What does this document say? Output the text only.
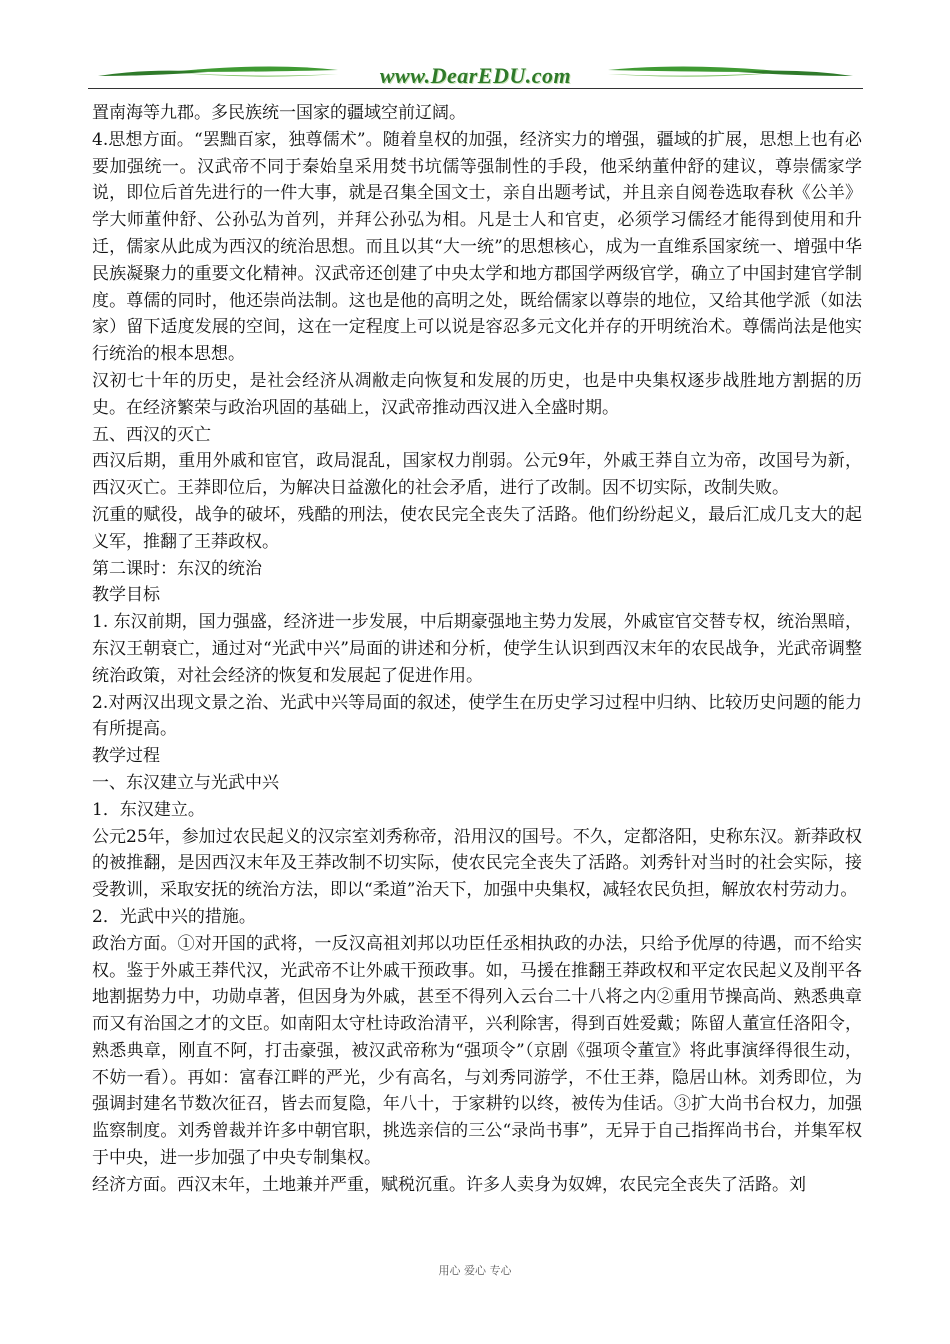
www.DearEDU.com

置南海等九郡。多民族统一国家的疆域空前辽阔。

4.思想方面。“罢黜百家，独尊儒术”。随着皇权的加强，经济实力的增强，疆域的扩展，思想上也有必要加强统一。汉武帝不同于秦始皇采用焚书坑儒等强制性的手段，他采纳董仲舒的建议，尊崇儒家学说，即位后首先进行的一件大事，就是召集全国文士，亲自出题考试，并且亲自阅卷选取春秋《公羊》学大师董仲舒、公孙弘为首列，并拜公孙弘为相。凡是士人和官吏，必须学习儒经才能得到使用和升迁，儒家从此成为西汉的统治思想。而且以其“大一统”的思想核心，成为一直维系国家统一、增强中华民族凝聚力的重要文化精神。汉武帝还创建了中央太学和地方郡国学两级官学，确立了中国封建官学制度。尊儒的同时，他还崇尚法制。这也是他的高明之处，既给儒家以尊崇的地位，又给其他学派（如法家）留下适度发展的空间，这在一定程度上可以说是容忍多元文化并存的开明统治术。尊儒尚法是他实行统治的根本思想。

汉初七十年的历史，是社会经济从凋敝走向恢复和发展的历史，也是中央集权逐步战胜地方割据的历史。在经济繁荣与政治巩固的基础上，汉武帝推动西汉进入全盛时期。

五、西汉的灭亡

西汉后期，重用外戚和宦官，政局混乱，国家权力削弱。公元9年，外戚王莽自立为帝，改国号为新，西汉灭亡。王莽即位后，为解决日益激化的社会矛盾，进行了改制。因不切实际，改制失败。

沉重的赋役，战争的破坏，残酷的刑法，使农民完全丧失了活路。他们纷纷起义，最后汇成几支大的起义军，推翻了王莽政权。

第二课时：东汉的统治

教学目标

1. 东汉前期，国力强盛，经济进一步发展，中后期豪强地主势力发展，外戚宦官交替专权，统治黑暗，东汉王朝衰亡，通过对“光武中兴”局面的讲述和分析，使学生认识到西汉末年的农民战争，光武帝调整统治政策，对社会经济的恢复和发展起了促进作用。

2.对两汉出现文景之治、光武中兴等局面的叙述，使学生在历史学习过程中归纳、比较历史问题的能力有所提高。

教学过程

一、东汉建立与光武中兴

1．东汉建立。

公元25年，参加过农民起义的汉宗室刘秀称帝，沿用汉的国号。不久，定都洛阳，史称东汉。新莽政权的被推翻，是因西汉末年及王莽改制不切实际，使农民完全丧失了活路。刘秀针对当时的社会实际，接受教训，采取安抚的统治方法，即以“柔道”治天下，加强中央集权，减轻农民负担，解放农村劳动力。

2．光武中兴的措施。

政治方面。①对开国的武将，一反汉高祖刘邦以功臣任丞相执政的办法，只给予优厚的待遇，而不给实权。鉴于外戚王莽代汉，光武帝不让外戚干预政事。如，马援在推翻王莽政权和平定农民起义及削平各地割据势力中，功勋卓著，但因身为外戚，甚至不得列入云台二十八将之内②重用节操高尚、熟悉典章而又有治国之才的文臣。如南阳太守杜诗政治清平，兴利除害，得到百姓爱戴；陈留人董宣任洛阳令，熟悉典章，刚直不阿，打击豪强，被汉武帝称为“强项令”（京剧《强项令董宣》将此事演绎得很生动，不妨一看）。再如：富春江畔的严光，少有高名，与刘秀同游学，不仕王莽，隐居山林。刘秀即位，为强调封建名节数次征召，皆去而复隐，年八十，于家耕钓以终，被传为佳话。③扩大尚书台权力，加强监察制度。刘秀曾裁并许多中朝官职，挑选亲信的三公“录尚书事”，无异于自己指挥尚书台，并集军权于中央，进一步加强了中央专制集权。

经济方面。西汉末年，土地兼并严重，赋税沉重。许多人卖身为奴婢，农民完全丧失了活路。刘

用心 爱心 专心
